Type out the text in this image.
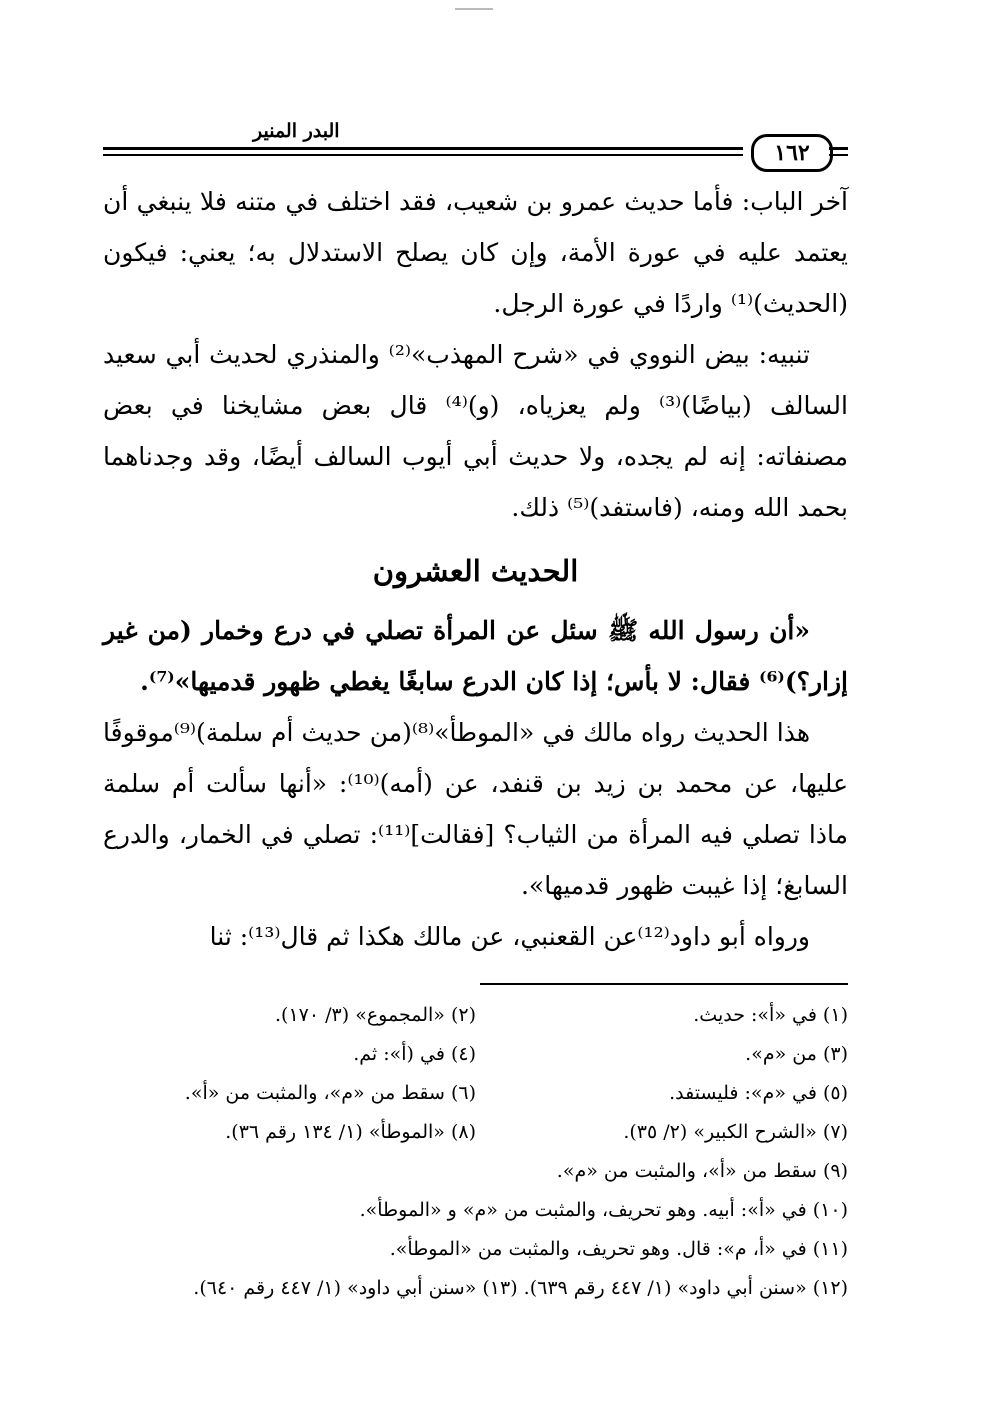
البدر المنير
١٦٢

آخر الباب: فأما حديث عمرو بن شعيب، فقد اختلف في متنه فلا ينبغي أن يعتمد عليه في عورة الأمة، وإن كان يصلح الاستدلال به؛ يعني: فيكون (الحديث)⁽¹⁾ واردًا في عورة الرجل.

تنبيه: بيض النووي في «شرح المهذب»⁽²⁾ والمنذري لحديث أبي سعيد السالف (بياضًا)⁽³⁾ ولم يعزياه، (و)⁽⁴⁾ قال بعض مشايخنا في بعض مصنفاته: إنه لم يجده، ولا حديث أبي أيوب السالف أيضًا، وقد وجدناهما بحمد الله ومنه، (فاستفد)⁽⁵⁾ ذلك.

الحديث العشرون

«أن رسول الله ﷺ سئل عن المرأة تصلي في درع وخمار (من غير إزار؟)⁽⁶⁾ فقال: لا بأس؛ إذا كان الدرع سابغًا يغطي ظهور قدميها»⁽⁷⁾.

هذا الحديث رواه مالك في «الموطأ»⁽⁸⁾(من حديث أم سلمة)⁽⁹⁾موقوفًا عليها، عن محمد بن زيد بن قنفد، عن (أمه)⁽¹⁰⁾: «أنها سألت أم سلمة ماذا تصلي فيه المرأة من الثياب؟ [فقالت]⁽¹¹⁾: تصلي في الخمار، والدرع السابغ؛ إذا غيبت ظهور قدميها».

ورواه أبو داود⁽¹²⁾عن القعنبي، عن مالك هكذا ثم قال⁽¹³⁾: ثنا

(١) في «أ»: حديث.
(٢) «المجموع» (٣/ ١٧٠).
(٣) من «م».
(٤) في (أ»: ثم.
(٥) في «م»: فليستفد.
(٦) سقط من «م»، والمثبت من «أ».
(٧) «الشرح الكبير» (٢/ ٣٥).
(٨) «الموطأ» (١/ ١٣٤ رقم ٣٦).
(٩) سقط من «أ»، والمثبت من «م».
(١٠) في «أ»: أبيه. وهو تحريف، والمثبت من «م» و «الموطأ».
(١١) في «أ، م»: قال. وهو تحريف، والمثبت من «الموطأ».
(١٢) «سنن أبي داود» (١/ ٤٤٧ رقم ٦٣٩). (١٣) «سنن أبي داود» (١/ ٤٤٧ رقم ٦٤٠).
